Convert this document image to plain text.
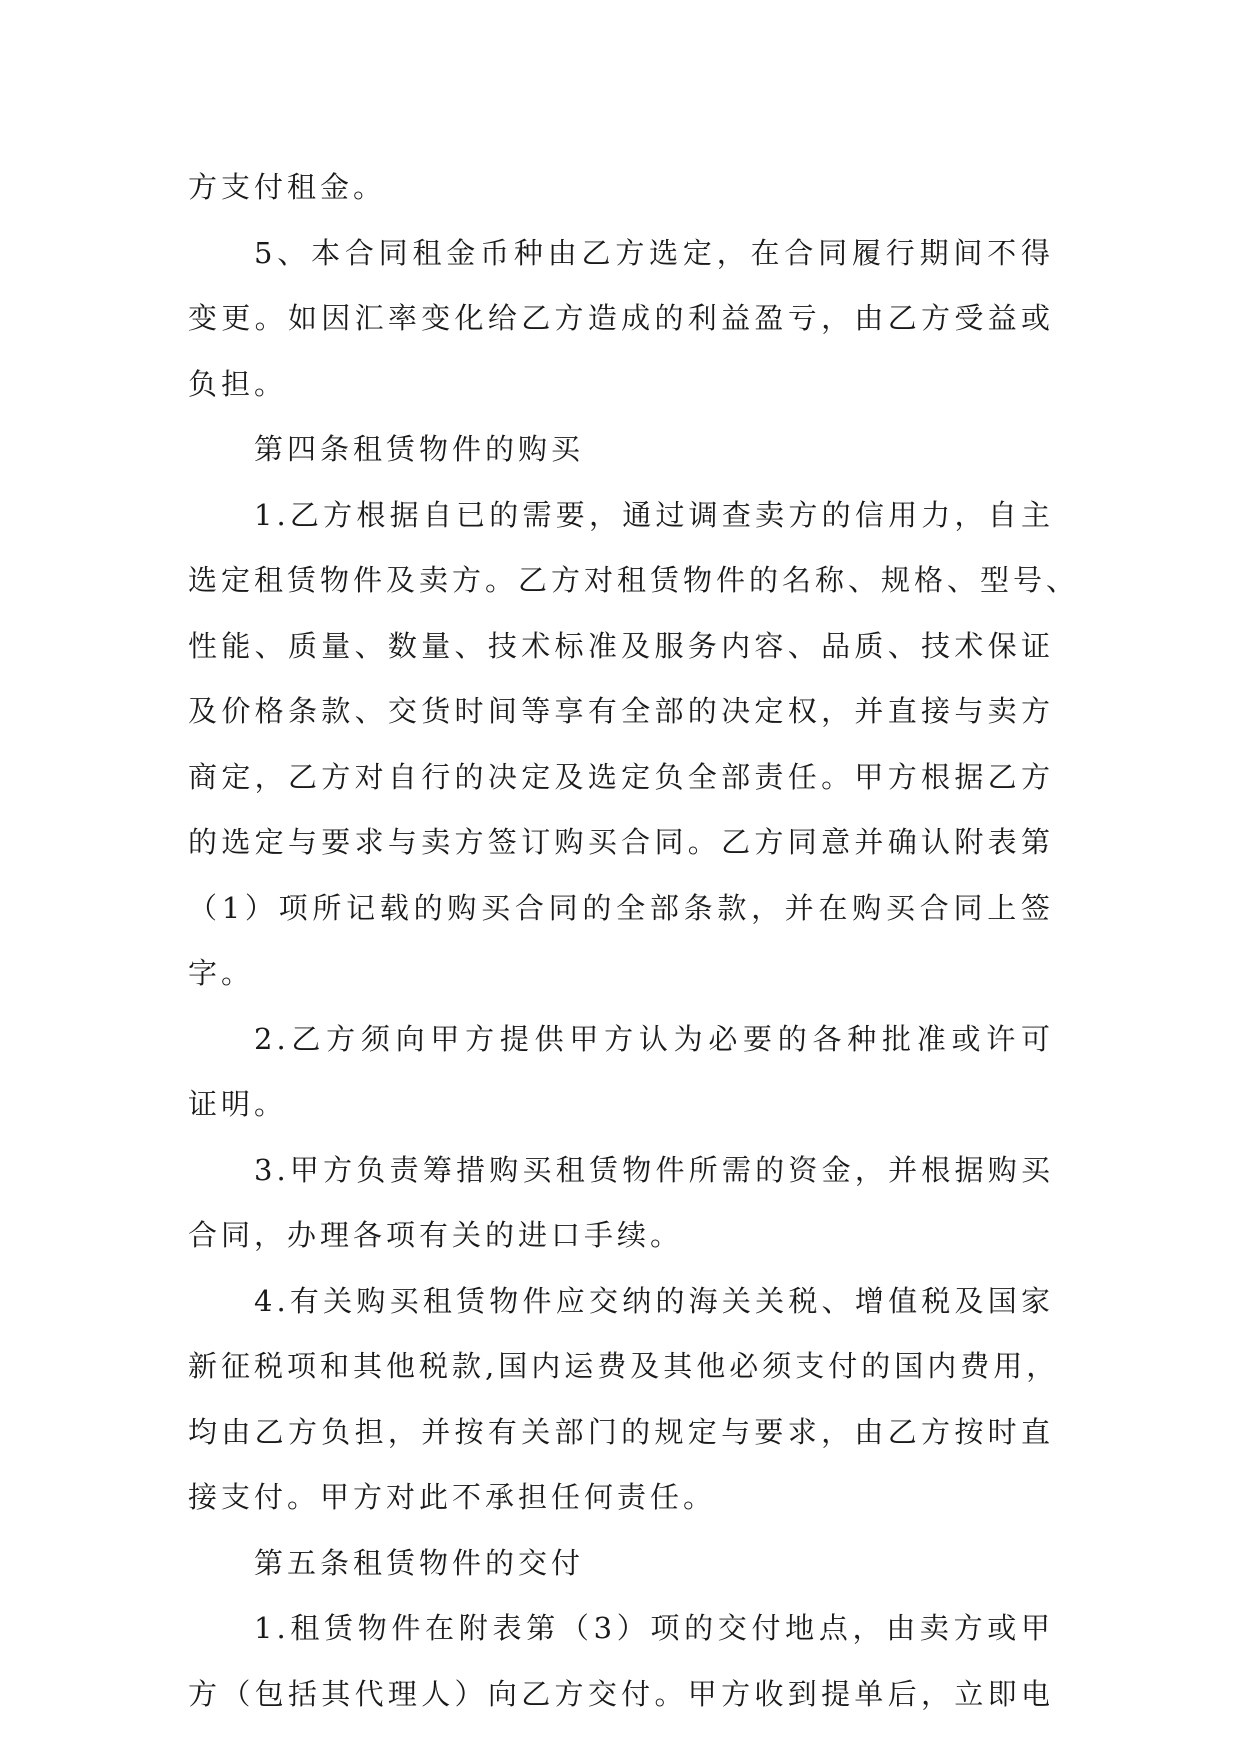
方支付租金。
5、本合同租金币种由乙方选定，在合同履行期间不得
变更。如因汇率变化给乙方造成的利益盈亏，由乙方受益或
负担。
第四条租赁物件的购买
1.乙方根据自已的需要，通过调查卖方的信用力，自主
选定租赁物件及卖方。乙方对租赁物件的名称、规格、型号、
性能、质量、数量、技术标准及服务内容、品质、技术保证
及价格条款、交货时间等享有全部的决定权，并直接与卖方
商定，乙方对自行的决定及选定负全部责任。甲方根据乙方
的选定与要求与卖方签订购买合同。乙方同意并确认附表第
（1）项所记载的购买合同的全部条款，并在购买合同上签
字。
2.乙方须向甲方提供甲方认为必要的各种批准或许可
证明。
3.甲方负责筹措购买租赁物件所需的资金，并根据购买
合同，办理各项有关的进口手续。
4.有关购买租赁物件应交纳的海关关税、增值税及国家
新征税项和其他税款,国内运费及其他必须支付的国内费用，
均由乙方负担，并按有关部门的规定与要求，由乙方按时直
接支付。甲方对此不承担任何责任。
第五条租赁物件的交付
1.租赁物件在附表第（3）项的交付地点，由卖方或甲
方（包括其代理人）向乙方交付。甲方收到提单后，立即电
